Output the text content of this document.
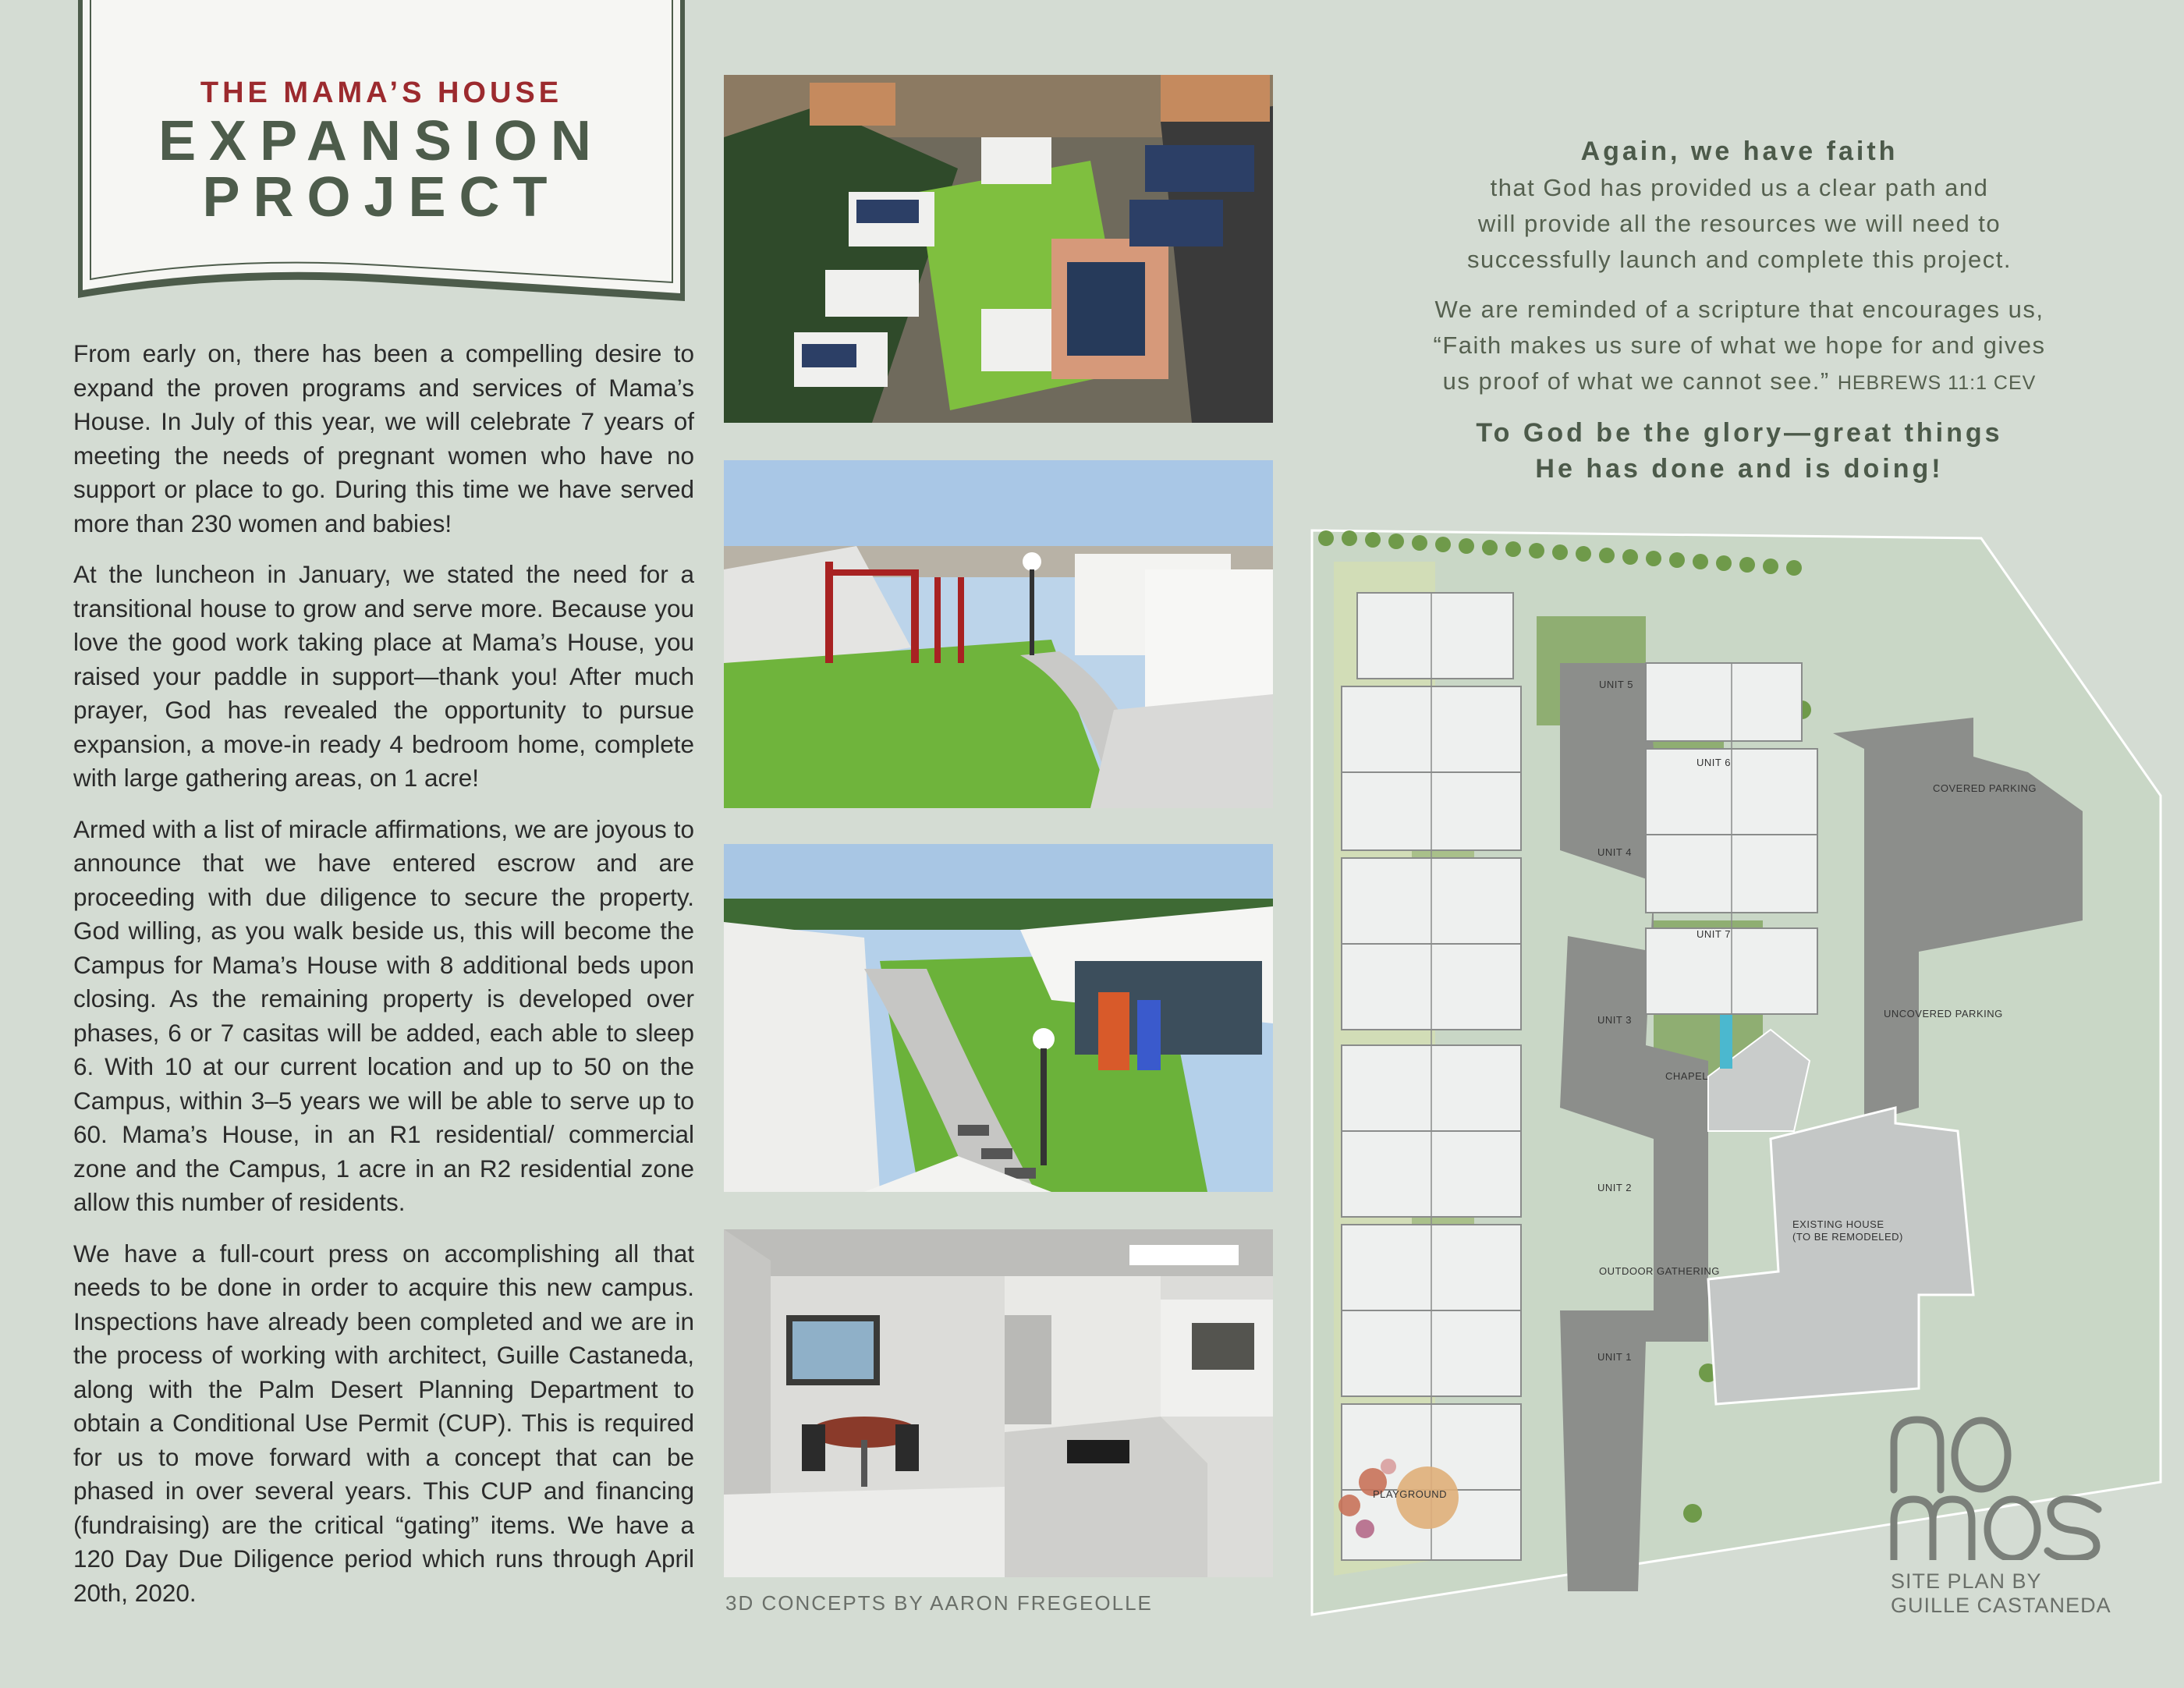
THE MAMA’S HOUSE
EXPANSION
PROJECT

From early on, there has been a compelling desire to expand the proven programs and services of Mama’s House. In July of this year, we will celebrate 7 years of meeting the needs of pregnant women who have no support or place to go. During this time we have served more than 230 women and babies!

At the luncheon in January, we stated the need for a transitional house to grow and serve more. Because you love the good work taking place at Mama’s House, you raised your paddle in support—thank you! After much prayer, God has revealed the opportunity to pursue expansion, a move-in ready 4 bedroom home, complete with large gathering areas, on 1 acre!

Armed with a list of miracle affirmations, we are joyous to announce that we have entered escrow and are proceeding with due diligence to secure the property. God willing, as you walk beside us, this will become the Campus for Mama’s House with 8 additional beds upon closing. As the remaining property is developed over phases, 6 or 7 casitas will be added, each able to sleep 6. With 10 at our current location and up to 50 on the Campus, within 3–5 years we will be able to serve up to 60. Mama’s House, in an R1 residential/ commercial zone and the Campus, 1 acre in an R2 residential zone allow this number of residents.

We have a full-court press on accomplishing all that needs to be done in order to acquire this new campus. Inspections have already been completed and we are in the process of working with architect, Guille Castaneda, along with the Palm Desert Planning Department to obtain a Conditional Use Permit (CUP). This is required for us to move forward with a concept that can be phased in over several years. This CUP and financing (fundraising) are the critical “gating” items. We have a 120 Day Due Diligence period which runs through April 20th, 2020.	3D CONCEPTS BY AARON FREGEOLLE
Again, we have faith
that God has provided us a clear path and
will provide all the resources we will need to
successfully launch and complete this project.
We are reminded of a scripture that encourages us,
“Faith makes us sure of what we hope for and gives
us proof of what we cannot see.” HEBREWS 11:1 CEV
To God be the glory—great things
He has done and is doing!
UNIT 5
UNIT 6
COVERED PARKING
UNIT 4
UNIT 7
UNCOVERED PARKING
UNIT 3
CHAPEL
UNIT 2
EXISTING HOUSE
(TO BE REMODELED)
OUTDOOR GATHERING
UNIT 1
PLAYGROUND
SITE PLAN BY
GUILLE CASTANEDA
